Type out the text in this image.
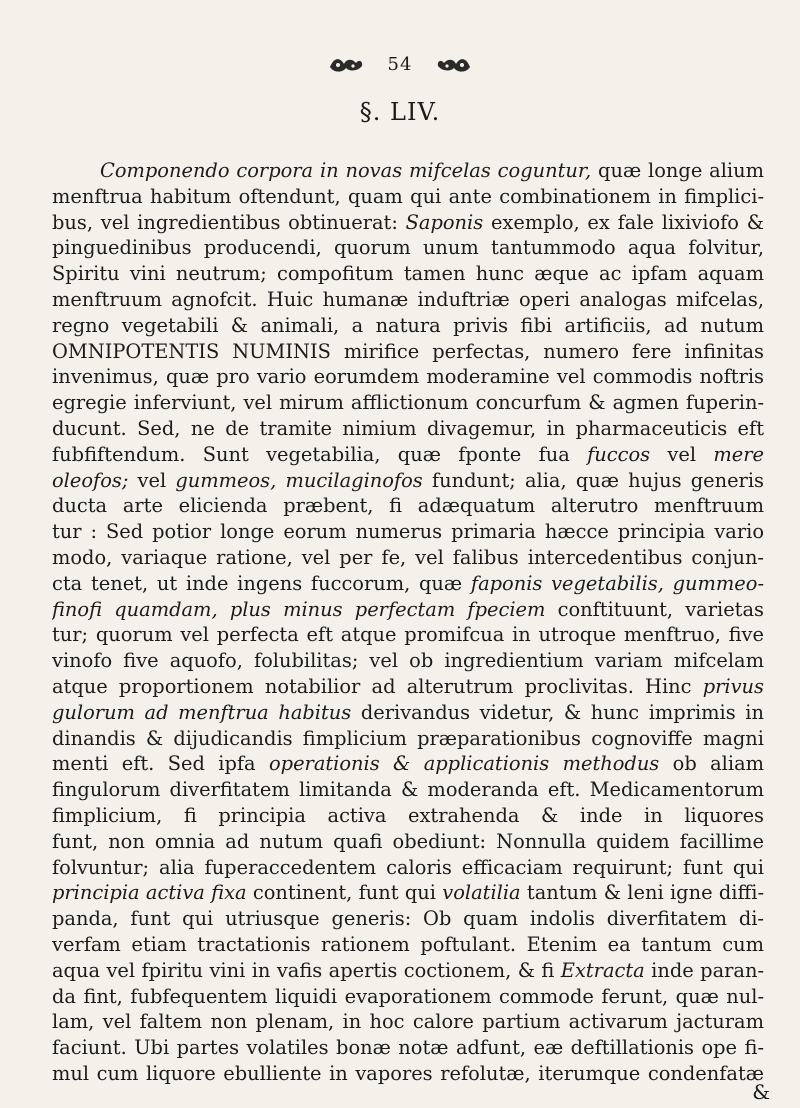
54
§. LIV.
Componendo corpora in novas mifcelas coguntur, quæ longe alium
menftrua habitum oftendunt, quam qui ante combinationem in fimplici-
bus, vel ingredientibus obtinuerat: Saponis exemplo, ex fale lixiviofo &
pinguedinibus producendi, quorum unum tantummodo aqua folvitur,
Spiritu vini neutrum; compofitum tamen hunc æque ac ipfam aquam
menftruum agnofcit. Huic humanæ induftriæ operi analogas mifcelas,
regno vegetabili & animali, a natura privis fibi artificiis, ad nutum
OMNIPOTENTIS NUMINIS mirifice perfectas, numero fere infinitas
invenimus, quæ pro vario eorumdem moderamine vel commodis noftris
egregie inferviunt, vel mirum afflictionum concurfum & agmen fuperin-
ducunt. Sed, ne de tramite nimium divagemur, in pharmaceuticis eft
fubfiftendum. Sunt vegetabilia, quæ fponte fua fuccos vel mere
oleofos; vel gummeos, mucilaginofos fundunt; alia, quæ hujus generis
ducta arte elicienda præbent, fi adæquatum alterutro menftruum
tur : Sed potior longe eorum numerus primaria hæcce principia vario
modo, variaque ratione, vel per fe, vel falibus intercedentibus conjun-
cta tenet, ut inde ingens fuccorum, quæ faponis vegetabilis, gummeo-
finofi quamdam, plus minus perfectam fpeciem conftituunt, varietas
tur; quorum vel perfecta eft atque promifcua in utroque menftruo, five
vinofo five aquofo, folubilitas; vel ob ingredientium variam mifcelam
atque proportionem notabilior ad alterutrum proclivitas. Hinc privus
gulorum ad menftrua habitus derivandus videtur, & hunc imprimis in
dinandis & dijudicandis fimplicium præparationibus cognoviffe magni
menti eft. Sed ipfa operationis & applicationis methodus ob aliam
fingulorum diverfitatem limitanda & moderanda eft. Medicamentorum
fimplicium, fi principia activa extrahenda & inde in liquores
funt, non omnia ad nutum quafi obediunt: Nonnulla quidem facillime
folvuntur; alia fuperaccedentem caloris efficaciam requirunt; funt qui
principia activa fixa continent, funt qui volatilia tantum & leni igne diffi-
panda, funt qui utriusque generis: Ob quam indolis diverfitatem di-
verfam etiam tractationis rationem poftulant. Etenim ea tantum cum
aqua vel fpiritu vini in vafis apertis coctionem, & fi Extracta inde paran-
da fint, fubfequentem liquidi evaporationem commode ferunt, quæ nul-
lam, vel faltem non plenam, in hoc calore partium activarum jacturam
faciunt. Ubi partes volatiles bonæ notæ adfunt, eæ deftillationis ope fi-
mul cum liquore ebulliente in vapores refolutæ, iterumque condenfatæ
&
